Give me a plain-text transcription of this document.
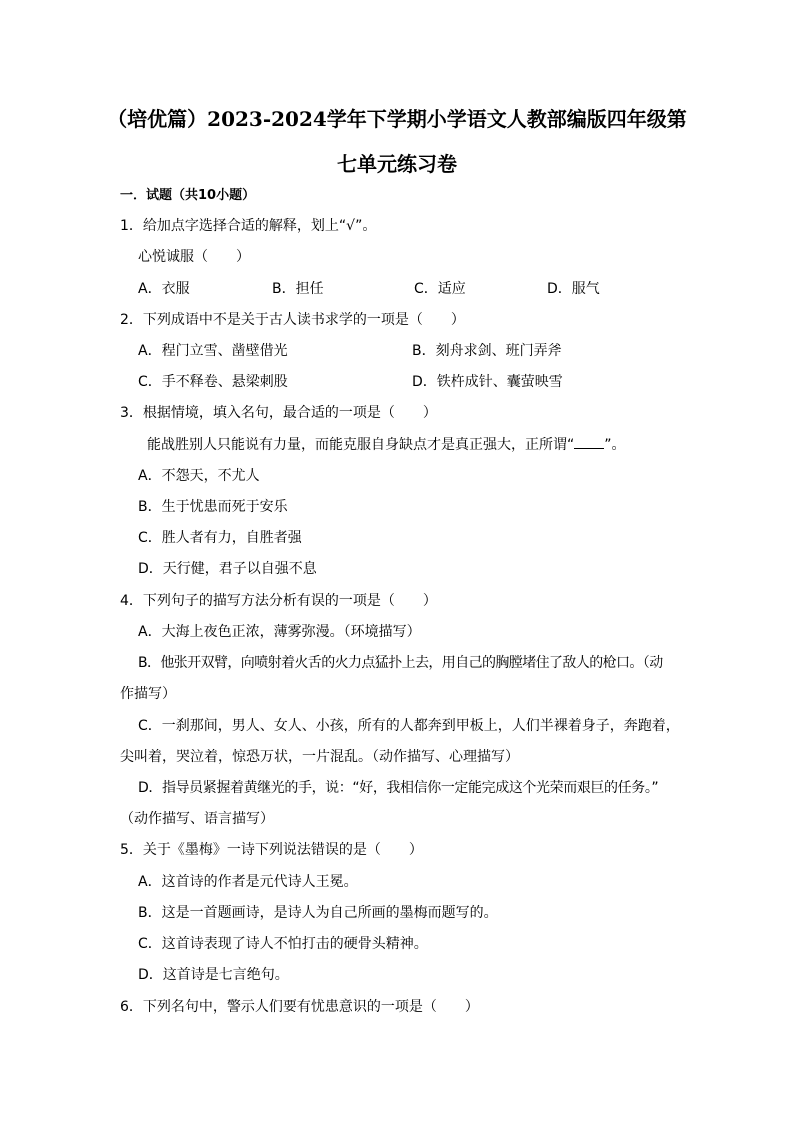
（培优篇）2023-2024学年下学期小学语文人教部编版四年级第
七单元练习卷
一．试题（共10小题）
1．给加点字选择合适的解释，划上“√”。
心悦诚服（　　）
A．衣服	B．担任	C．适应	D．服气
2．下列成语中不是关于古人读书求学的一项是（　　）
A．程门立雪、凿壁借光	B．刻舟求剑、班门弄斧
C．手不释卷、悬梁刺股	D．铁杵成针、囊萤映雪
3．根据情境，填入名句，最合适的一项是（　　）
能战胜别人只能说有力量，而能克服自身缺点才是真正强大，正所谓“ ”。
A．不怨天，不尤人
B．生于忧患而死于安乐
C．胜人者有力，自胜者强
D．天行健，君子以自强不息
4．下列句子的描写方法分析有误的一项是（　　）
A．大海上夜色正浓，薄雾弥漫。（环境描写）
B．他张开双臂，向喷射着火舌的火力点猛扑上去，用自己的胸膛堵住了敌人的枪口。（动
作描写）
C．一刹那间，男人、女人、小孩，所有的人都奔到甲板上，人们半裸着身子，奔跑着，
尖叫着，哭泣着，惊恐万状，一片混乱。（动作描写、心理描写）
D．指导员紧握着黄继光的手，说：“好，我相信你一定能完成这个光荣而艰巨的任务。”
（动作描写、语言描写）
5．关于《墨梅》一诗下列说法错误的是（　　）
A．这首诗的作者是元代诗人王冕。
B．这是一首题画诗，是诗人为自己所画的墨梅而题写的。
C．这首诗表现了诗人不怕打击的硬骨头精神。
D．这首诗是七言绝句。
6．下列名句中，警示人们要有忧患意识的一项是（　　）
